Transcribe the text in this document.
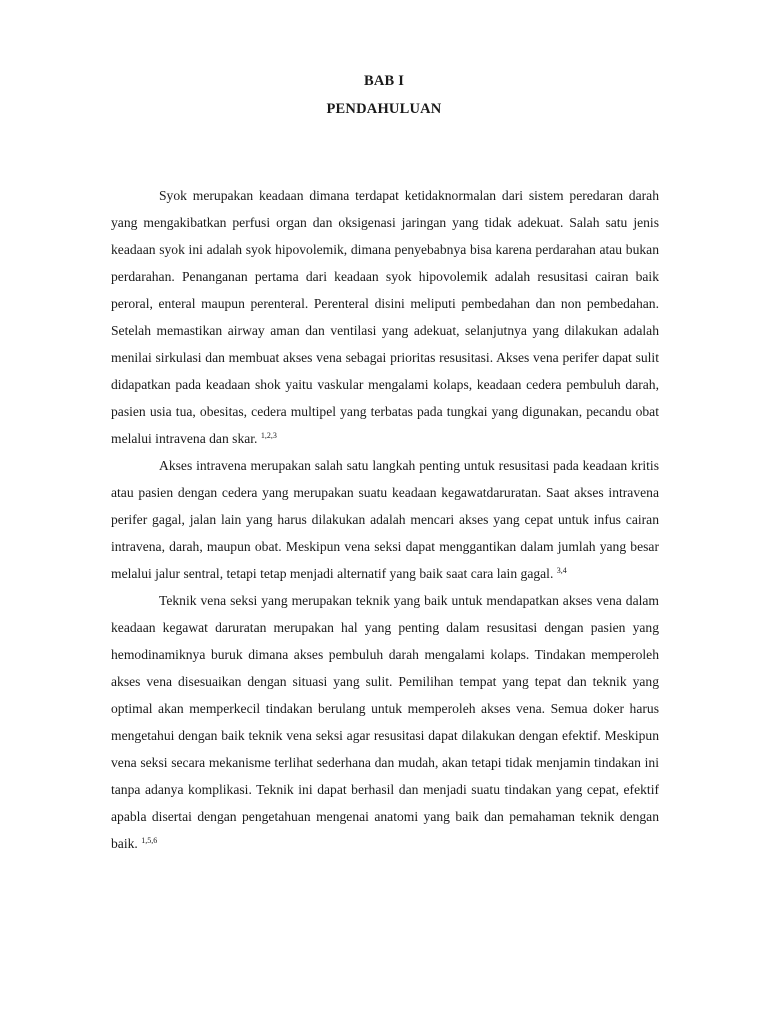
BAB I
PENDAHULUAN

Syok merupakan keadaan dimana terdapat ketidaknormalan dari sistem peredaran darah yang mengakibatkan perfusi organ dan oksigenasi jaringan yang tidak adekuat. Salah satu jenis keadaan syok ini adalah syok hipovolemik, dimana penyebabnya bisa karena perdarahan atau bukan perdarahan. Penanganan pertama dari keadaan syok hipovolemik adalah resusitasi cairan baik peroral, enteral maupun perenteral. Perenteral disini meliputi pembedahan dan non pembedahan. Setelah memastikan airway aman dan ventilasi yang adekuat, selanjutnya yang dilakukan adalah menilai sirkulasi dan membuat akses vena sebagai prioritas resusitasi. Akses vena perifer dapat sulit didapatkan pada keadaan shok yaitu vaskular mengalami kolaps, keadaan cedera pembuluh darah, pasien usia tua, obesitas, cedera multipel yang terbatas pada tungkai yang digunakan, pecandu obat melalui intravena dan skar. $^{1,2,3}$

Akses intravena merupakan salah satu langkah penting untuk resusitasi pada keadaan kritis atau pasien dengan cedera yang merupakan suatu keadaan kegawatdaruratan. Saat akses intravena perifer gagal, jalan lain yang harus dilakukan adalah mencari akses yang cepat untuk infus cairan intravena, darah, maupun obat. Meskipun vena seksi dapat menggantikan dalam jumlah yang besar melalui jalur sentral, tetapi tetap menjadi alternatif yang baik saat cara lain gagal. $^{3,4}$

Teknik vena seksi yang merupakan teknik yang baik untuk mendapatkan akses vena dalam keadaan kegawat daruratan merupakan hal yang penting dalam resusitasi dengan pasien yang hemodinamiknya buruk dimana akses pembuluh darah mengalami kolaps. Tindakan memperoleh akses vena disesuaikan dengan situasi yang sulit. Pemilihan tempat yang tepat dan teknik yang optimal akan memperkecil tindakan berulang untuk memperoleh akses vena. Semua doker harus mengetahui dengan baik teknik vena seksi agar resusitasi dapat dilakukan dengan efektif. Meskipun vena seksi secara mekanisme terlihat sederhana dan mudah, akan tetapi tidak menjamin tindakan ini tanpa adanya komplikasi. Teknik ini dapat berhasil dan menjadi suatu tindakan yang cepat, efektif apabla disertai dengan pengetahuan mengenai anatomi yang baik dan pemahaman teknik dengan baik. $^{1,5,6}$
